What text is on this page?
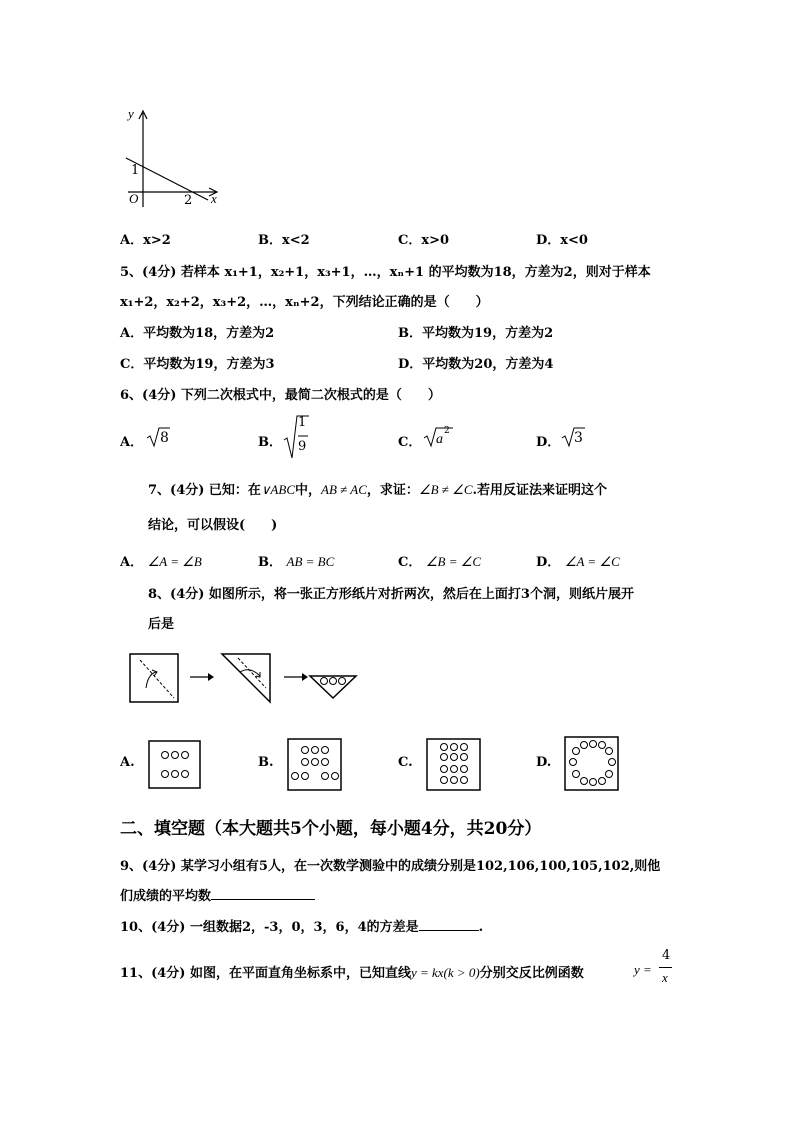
y
x
O
1
2
A．x>2	B．x<2	C．x>0	D．x<0
5、(4分) 若样本 x₁+1，x₂+1，x₃+1，…，xₙ+1 的平均数为18，方差为2，则对于样本
x₁+2，x₂+2，x₃+2，…，xₙ+2，下列结论正确的是（　　）
A．平均数为18，方差为2	B．平均数为19，方差为2
C．平均数为19，方差为3	D．平均数为20，方差为4
6、(4分) 下列二次根式中，最简二次根式的是（　　）
A． 8	B．
1
9	C． a
2
D． 3
7、(4分) 已知：在∨ABC中，AB ≠ AC，求证：∠B ≠ ∠C.若用反证法来证明这个
结论，可以假设(　　)
A． ∠A = ∠B	B． AB = BC	C． ∠B = ∠C	D． ∠A = ∠C
8、(4分) 如图所示，将一张正方形纸片对折两次，然后在上面打3个洞，则纸片展开
后是
A.	B.	C.	D.
二、填空题（本大题共5个小题，每小题4分，共20分）
9、(4分) 某学习小组有5人，在一次数学测验中的成绩分别是102,106,100,105,102,则他
们成绩的平均数
10、(4分) 一组数据2，-3，0，3，6，4的方差是	.
11、(4分) 如图，在平面直角坐标系中，已知直线y = kx(k > 0)分别交反比例函数	y =
4
x
